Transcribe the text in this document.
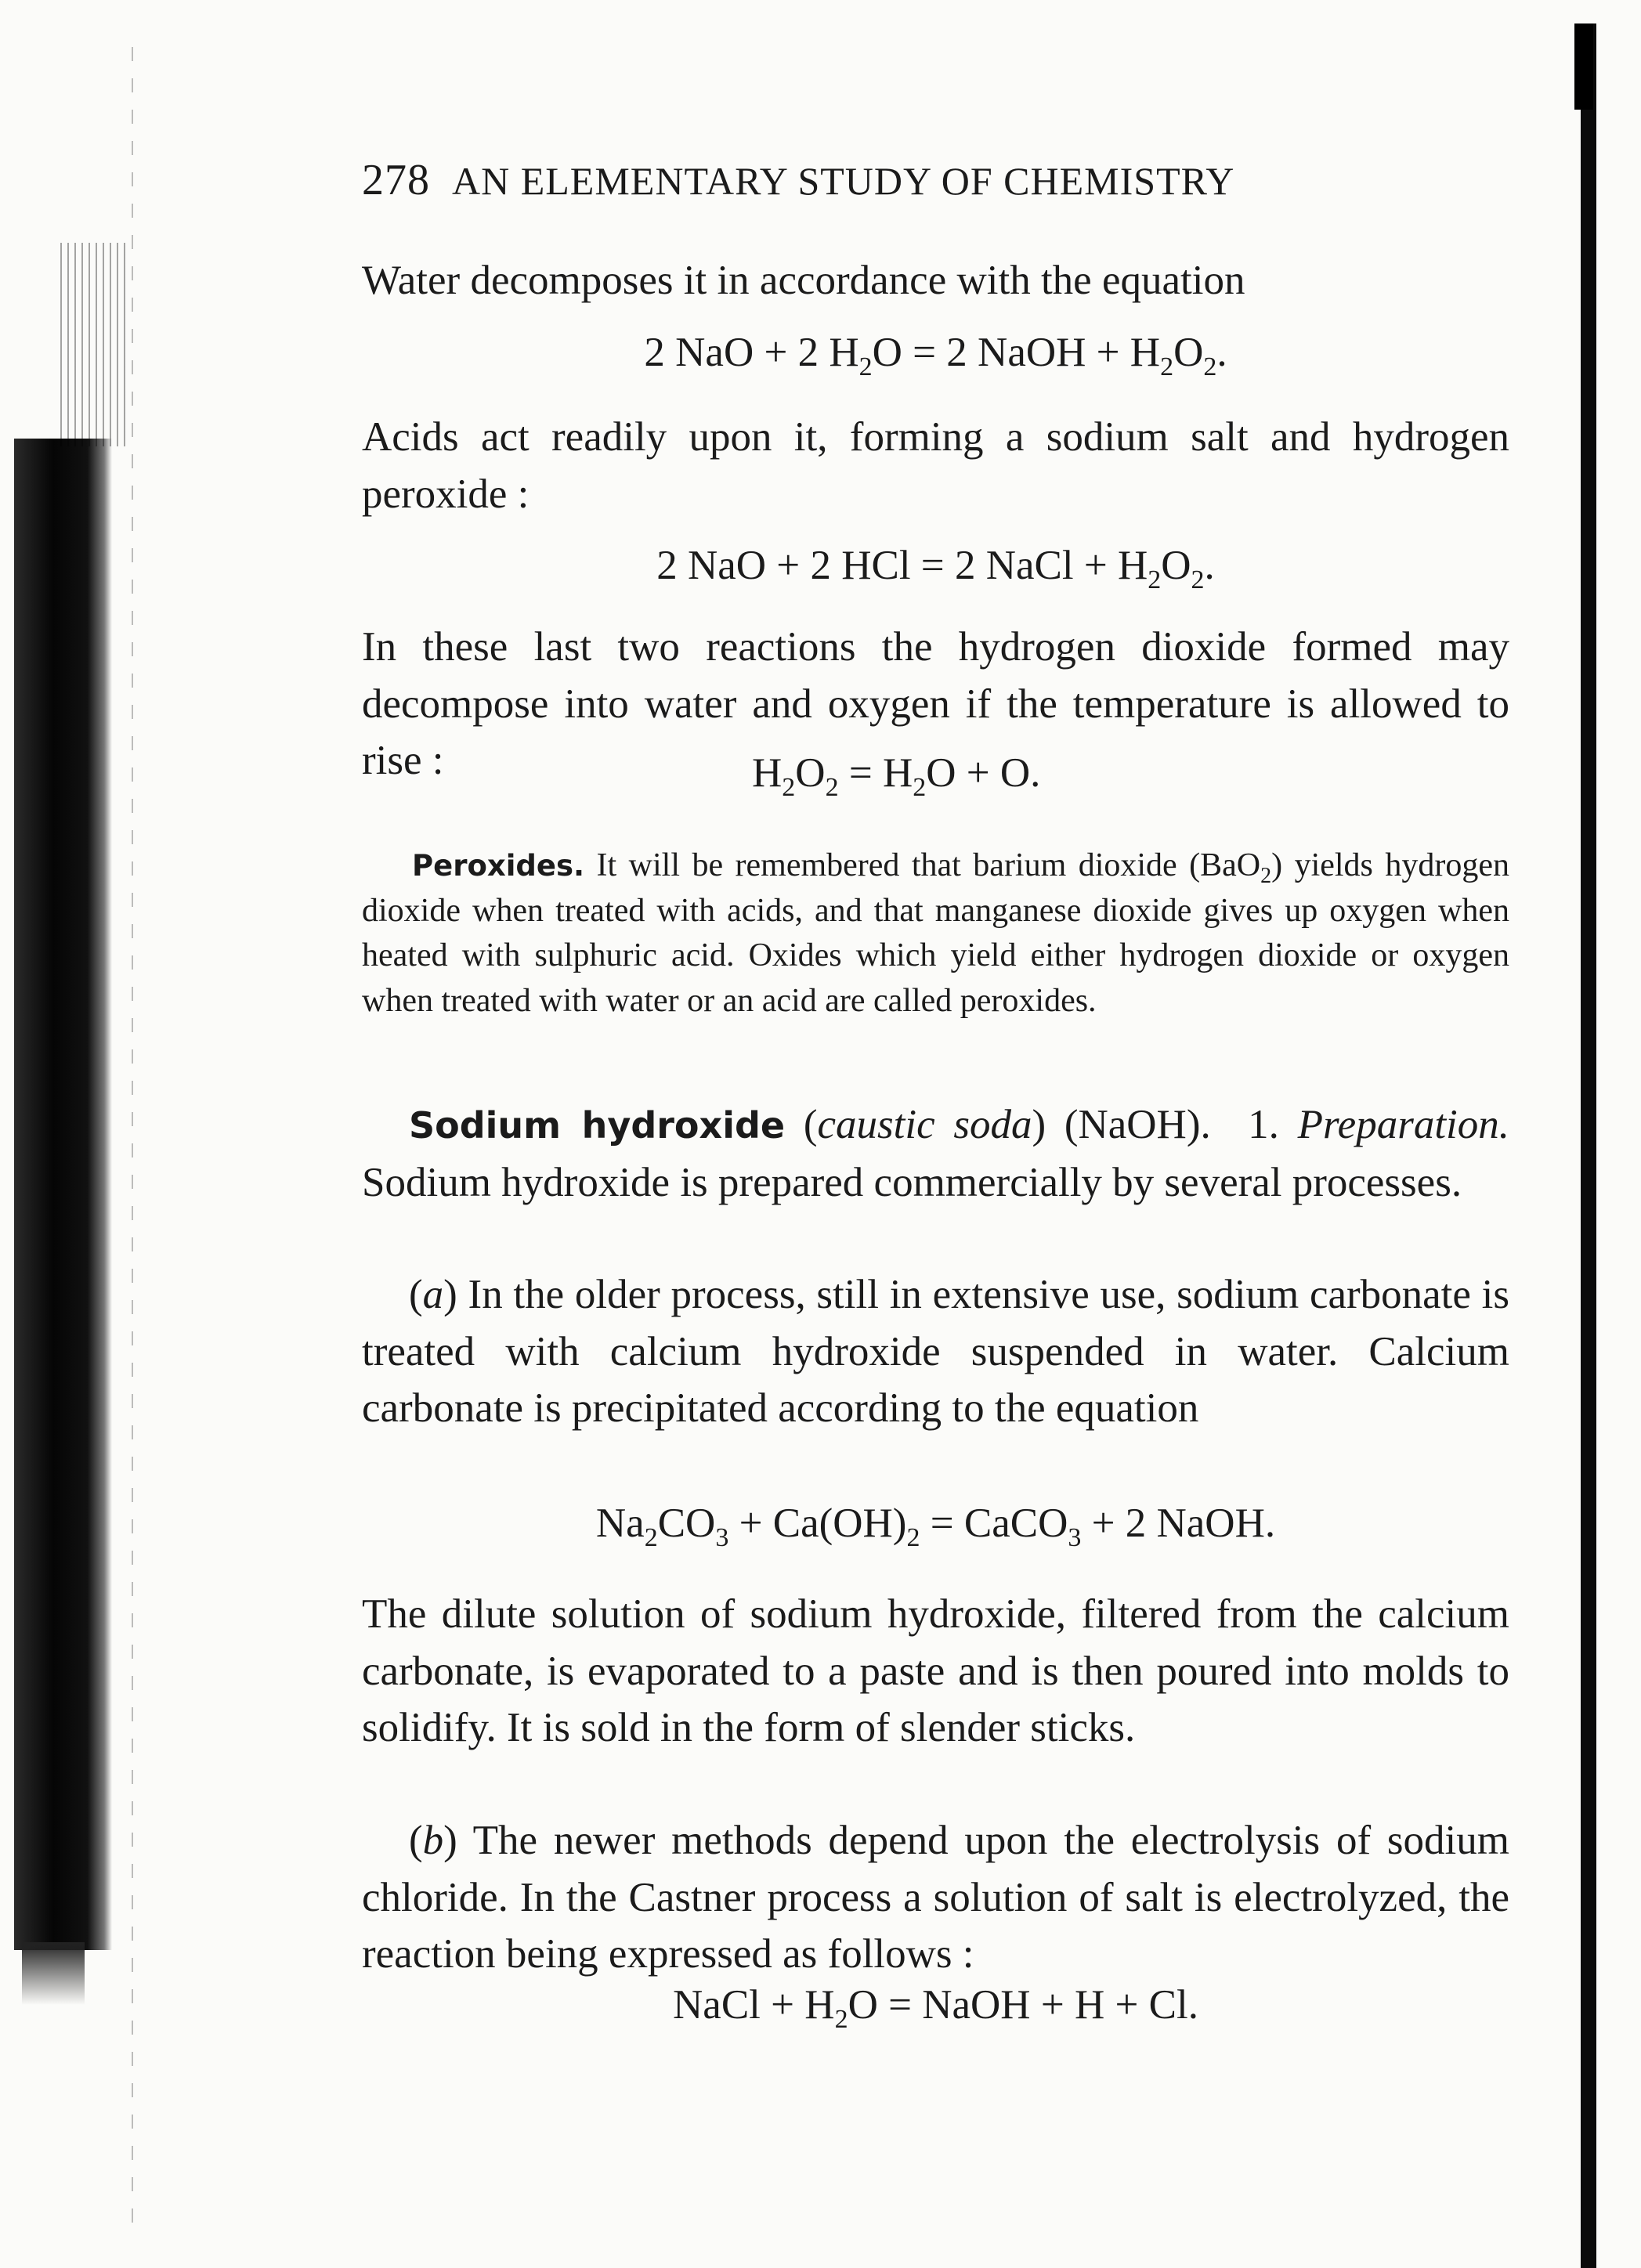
278 AN ELEMENTARY STUDY OF CHEMISTRY
Water decomposes it in accordance with the equation
2 NaO + 2 $H_2O = 2$ NaOH + $H_2O_2$.
Acids act readily upon it, forming a sodium salt and hydrogen peroxide :
2 NaO + 2 HCl = 2 NaCl + $H_2O_2$.
In these last two reactions the hydrogen dioxide formed may decompose into water and oxygen if the temperature is allowed to rise :	$H_2O_2 = H_2O + O$.
Peroxides. It will be remembered that barium dioxide (BaO$_2$) yields hydrogen dioxide when treated with acids, and that manganese dioxide gives up oxygen when heated with sulphuric acid. Oxides which yield either hydrogen dioxide or oxygen when treated with water or an acid are called peroxides.
Sodium hydroxide (caustic soda) (NaOH). 1. Preparation. Sodium hydroxide is prepared commercially by several processes.
(a) In the older process, still in extensive use, sodium carbonate is treated with calcium hydroxide suspended in water. Calcium carbonate is precipitated according to the equation
$Na_2CO_3 + Ca(OH)_2$ = CaCO$_3$ + 2 NaOH.
The dilute solution of sodium hydroxide, filtered from the calcium carbonate, is evaporated to a paste and is then poured into molds to solidify. It is sold in the form of slender sticks.
(b) The newer methods depend upon the electrolysis of sodium chloride. In the Castner process a solution of salt is electrolyzed, the reaction being expressed as follows :
NaCl + $H_2O$ = NaOH + H + Cl.
